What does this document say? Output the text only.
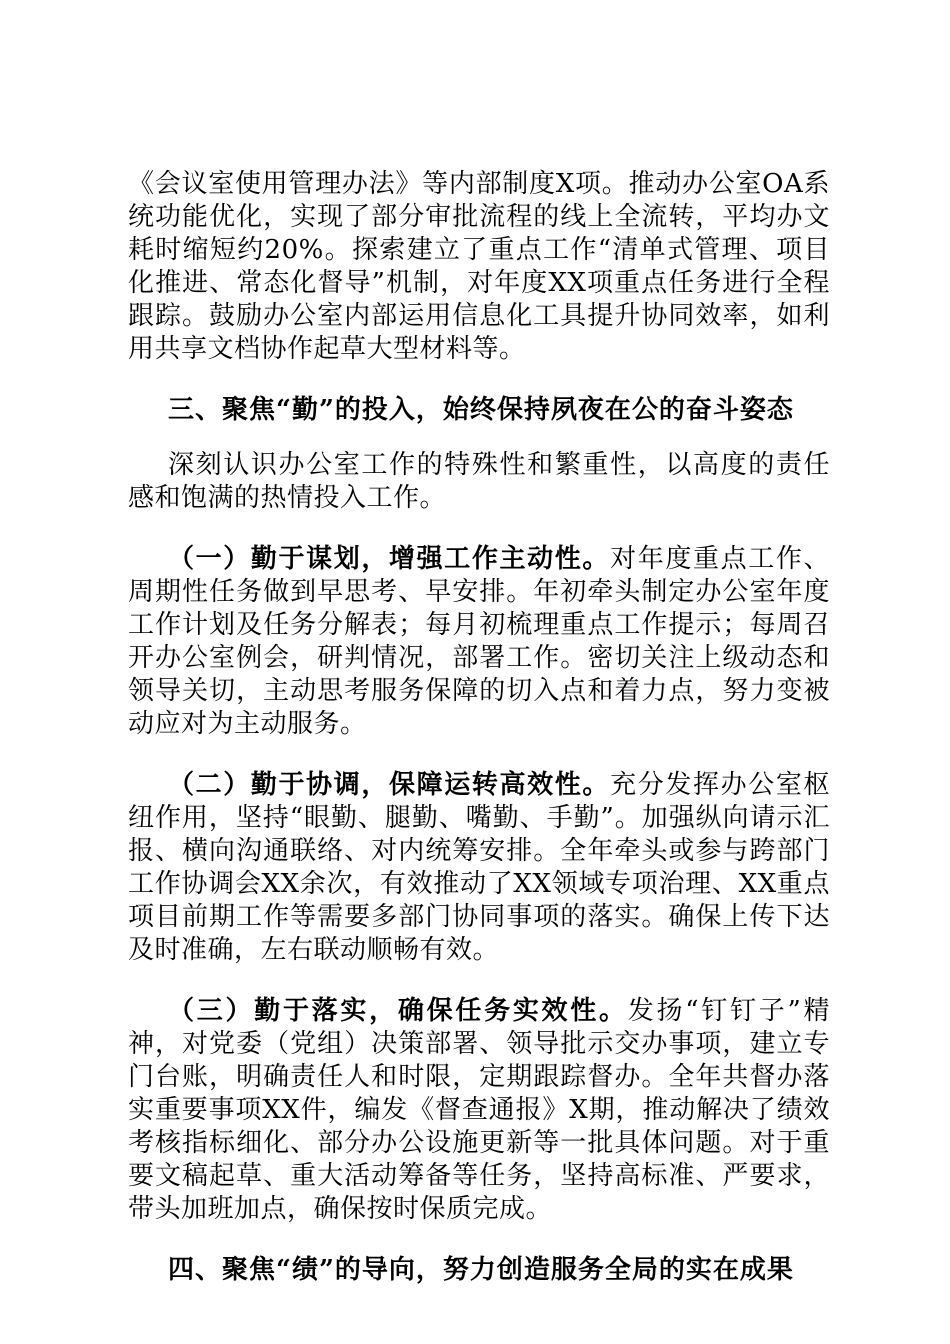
《会议室使用管理办法》等内部制度X项。推动办公室OA系统功能优化，实现了部分审批流程的线上全流转，平均办文耗时缩短约20%。探索建立了重点工作“清单式管理、项目化推进、常态化督导”机制，对年度XX项重点任务进行全程跟踪。鼓励办公室内部运用信息化工具提升协同效率，如利用共享文档协作起草大型材料等。

三、聚焦“勤”的投入，始终保持夙夜在公的奋斗姿态

深刻认识办公室工作的特殊性和繁重性，以高度的责任感和饱满的热情投入工作。

（一）勤于谋划，增强工作主动性。对年度重点工作、周期性任务做到早思考、早安排。年初牵头制定办公室年度工作计划及任务分解表；每月初梳理重点工作提示；每周召开办公室例会，研判情况，部署工作。密切关注上级动态和领导关切，主动思考服务保障的切入点和着力点，努力变被动应对为主动服务。

（二）勤于协调，保障运转高效性。充分发挥办公室枢纽作用，坚持“眼勤、腿勤、嘴勤、手勤”。加强纵向请示汇报、横向沟通联络、对内统筹安排。全年牵头或参与跨部门工作协调会XX余次，有效推动了XX领域专项治理、XX重点项目前期工作等需要多部门协同事项的落实。确保上传下达及时准确，左右联动顺畅有效。

（三）勤于落实，确保任务实效性。发扬“钉钉子”精神，对党委（党组）决策部署、领导批示交办事项，建立专门台账，明确责任人和时限，定期跟踪督办。全年共督办落实重要事项XX件，编发《督查通报》X期，推动解决了绩效考核指标细化、部分办公设施更新等一批具体问题。对于重要文稿起草、重大活动筹备等任务，坚持高标准、严要求，带头加班加点，确保按时保质完成。

四、聚焦“绩”的导向，努力创造服务全局的实在成果
